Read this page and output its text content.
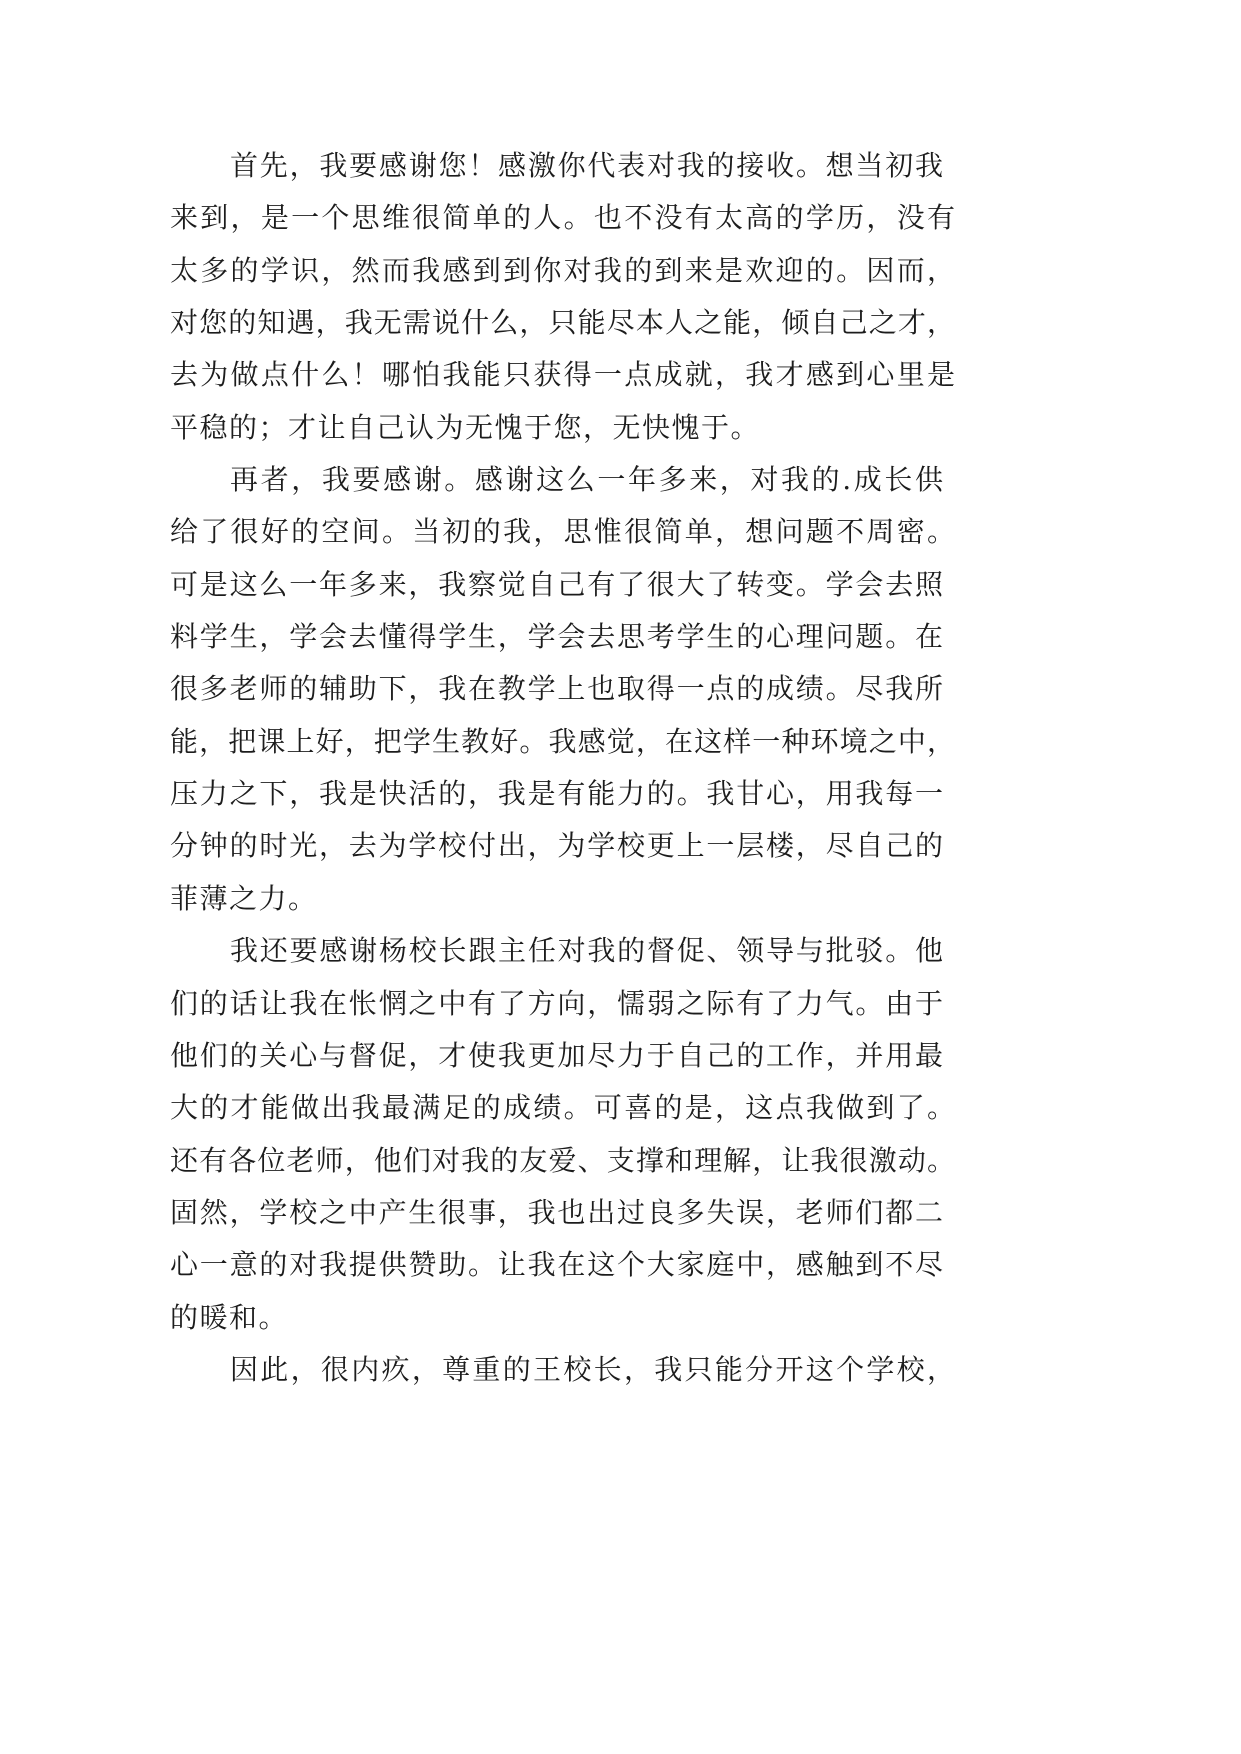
首先，我要感谢您！感激你代表对我的接收。想当初我
来到，是一个思维很简单的人。也不没有太高的学历，没有
太多的学识，然而我感到到你对我的到来是欢迎的。因而，
对您的知遇，我无需说什么，只能尽本人之能，倾自己之才，
去为做点什么！哪怕我能只获得一点成就，我才感到心里是
平稳的；才让自己认为无愧于您，无快愧于。
再者，我要感谢。感谢这么一年多来，对我的.成长供
给了很好的空间。当初的我，思惟很简单，想问题不周密。
可是这么一年多来，我察觉自己有了很大了转变。学会去照
料学生，学会去懂得学生，学会去思考学生的心理问题。在
很多老师的辅助下，我在教学上也取得一点的成绩。尽我所
能，把课上好，把学生教好。我感觉，在这样一种环境之中，
压力之下，我是快活的，我是有能力的。我甘心，用我每一
分钟的时光，去为学校付出，为学校更上一层楼，尽自己的
菲薄之力。
我还要感谢杨校长跟主任对我的督促、领导与批驳。他
们的话让我在怅惘之中有了方向，懦弱之际有了力气。由于
他们的关心与督促，才使我更加尽力于自己的工作，并用最
大的才能做出我最满足的成绩。可喜的是，这点我做到了。
还有各位老师，他们对我的友爱、支撑和理解，让我很激动。
固然，学校之中产生很事，我也出过良多失误，老师们都二
心一意的对我提供赞助。让我在这个大家庭中，感触到不尽
的暖和。
因此，很内疚，尊重的王校长，我只能分开这个学校，
